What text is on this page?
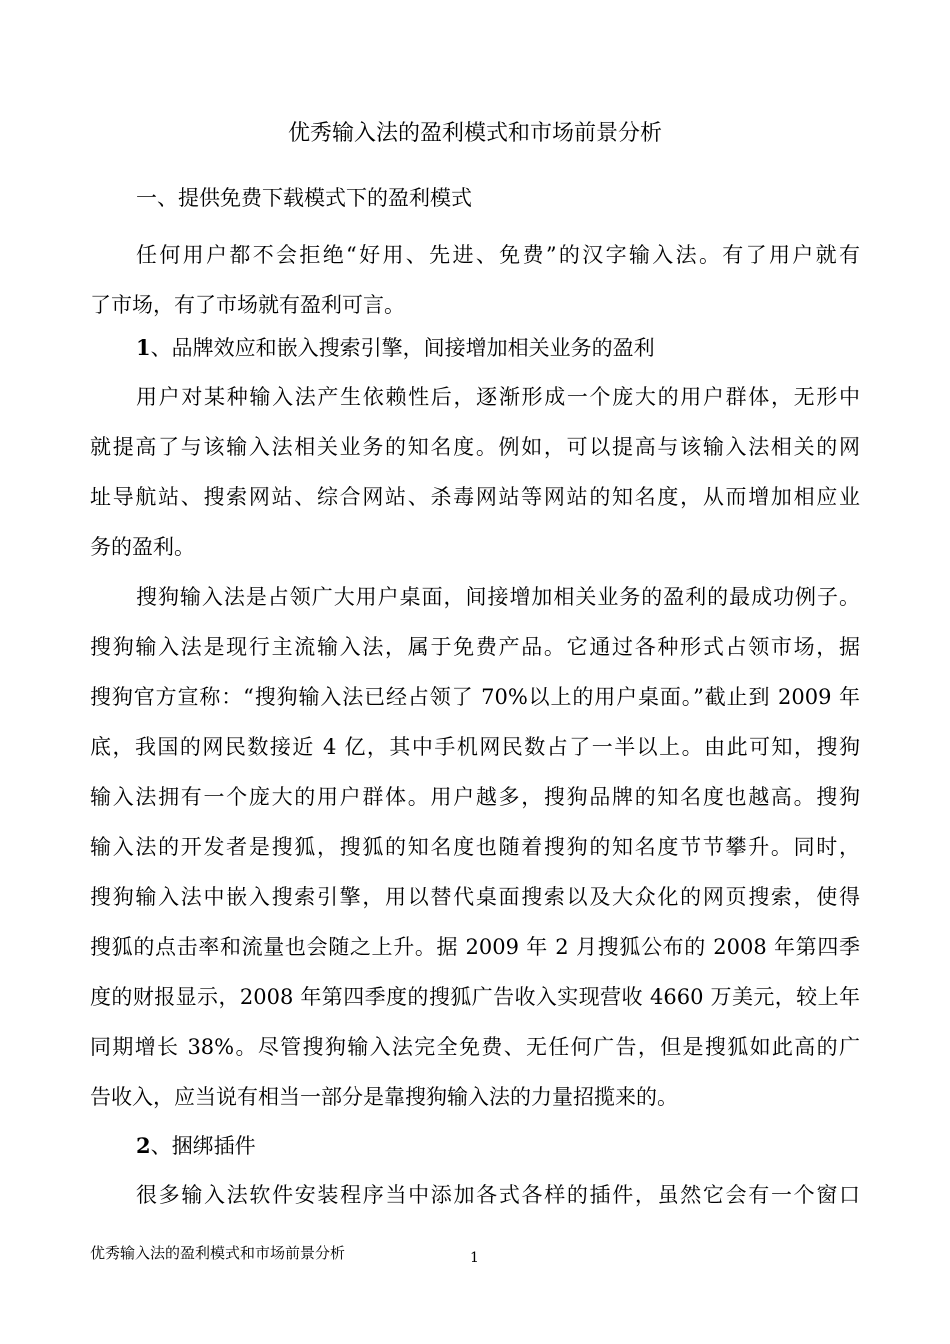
优秀输入法的盈利模式和市场前景分析
一、提供免费下载模式下的盈利模式
任何用户都不会拒绝“好用、先进、免费”的汉字输入法。有了用户就有
了市场，有了市场就有盈利可言。
1、品牌效应和嵌入搜索引擎，间接增加相关业务的盈利
用户对某种输入法产生依赖性后，逐渐形成一个庞大的用户群体，无形中
就提高了与该输入法相关业务的知名度。例如，可以提高与该输入法相关的网
址导航站、搜索网站、综合网站、杀毒网站等网站的知名度，从而增加相应业
务的盈利。
搜狗输入法是占领广大用户桌面，间接增加相关业务的盈利的最成功例子。
搜狗输入法是现行主流输入法，属于免费产品。它通过各种形式占领市场，据
搜狗官方宣称：“搜狗输入法已经占领了 70%以上的用户桌面。”截止到 2009 年
底，我国的网民数接近 4 亿，其中手机网民数占了一半以上。由此可知，搜狗
输入法拥有一个庞大的用户群体。用户越多，搜狗品牌的知名度也越高。搜狗
输入法的开发者是搜狐，搜狐的知名度也随着搜狗的知名度节节攀升。同时，
搜狗输入法中嵌入搜索引擎，用以替代桌面搜索以及大众化的网页搜索，使得
搜狐的点击率和流量也会随之上升。据 2009 年 2 月搜狐公布的 2008 年第四季
度的财报显示，2008 年第四季度的搜狐广告收入实现营收 4660 万美元，较上年
同期增长 38%。尽管搜狗输入法完全免费、无任何广告，但是搜狐如此高的广
告收入，应当说有相当一部分是靠搜狗输入法的力量招揽来的。
2、捆绑插件
很多输入法软件安装程序当中添加各式各样的插件，虽然它会有一个窗口
优秀输入法的盈利模式和市场前景分析	1
